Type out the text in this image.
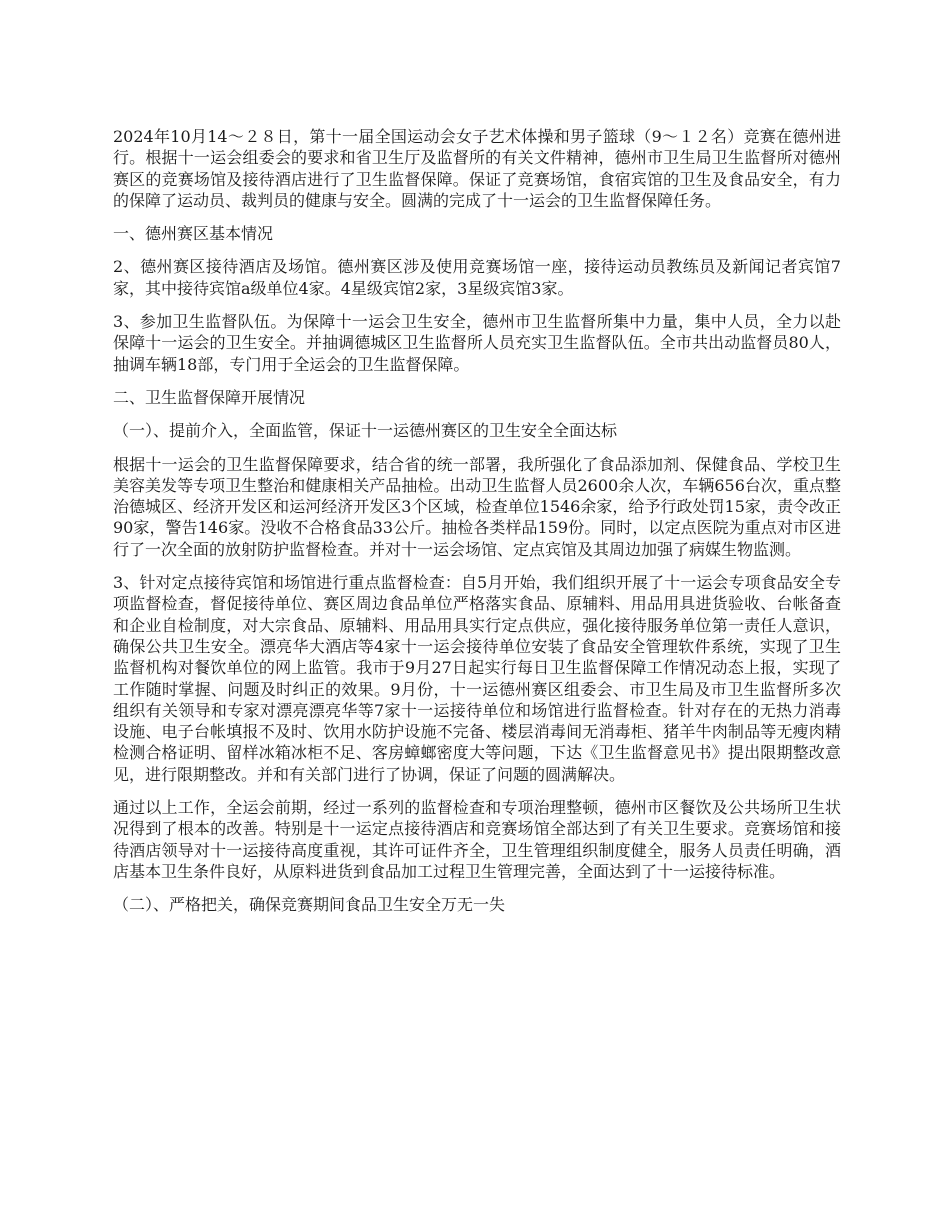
2024年10月14～２８日，第十一届全国运动会女子艺术体操和男子篮球（9～１２名）竞赛在德州进行。根据十一运会组委会的要求和省卫生厅及监督所的有关文件精神，德州市卫生局卫生监督所对德州赛区的竞赛场馆及接待酒店进行了卫生监督保障。保证了竞赛场馆，食宿宾馆的卫生及食品安全，有力的保障了运动员、裁判员的健康与安全。圆满的完成了十一运会的卫生监督保障任务。

一、德州赛区基本情况

2、德州赛区接待酒店及场馆。德州赛区涉及使用竞赛场馆一座，接待运动员教练员及新闻记者宾馆7家，其中接待宾馆a级单位4家。4星级宾馆2家，3星级宾馆3家。

3、参加卫生监督队伍。为保障十一运会卫生安全，德州市卫生监督所集中力量，集中人员，全力以赴保障十一运会的卫生安全。并抽调德城区卫生监督所人员充实卫生监督队伍。全市共出动监督员80人，抽调车辆18部，专门用于全运会的卫生监督保障。

二、卫生监督保障开展情况

（一）、提前介入，全面监管，保证十一运德州赛区的卫生安全全面达标

根据十一运会的卫生监督保障要求，结合省的统一部署，我所强化了食品添加剂、保健食品、学校卫生美容美发等专项卫生整治和健康相关产品抽检。出动卫生监督人员2600余人次，车辆656台次，重点整治德城区、经济开发区和运河经济开发区3个区域，检查单位1546余家，给予行政处罚15家，责令改正90家，警告146家。没收不合格食品33公斤。抽检各类样品159份。同时，以定点医院为重点对市区进行了一次全面的放射防护监督检查。并对十一运会场馆、定点宾馆及其周边加强了病媒生物监测。

3、针对定点接待宾馆和场馆进行重点监督检查：自5月开始，我们组织开展了十一运会专项食品安全专项监督检查，督促接待单位、赛区周边食品单位严格落实食品、原辅料、用品用具进货验收、台帐备查和企业自检制度，对大宗食品、原辅料、用品用具实行定点供应，强化接待服务单位第一责任人意识，确保公共卫生安全。漂亮华大酒店等4家十一运会接待单位安装了食品安全管理软件系统，实现了卫生监督机构对餐饮单位的网上监管。我市于9月27日起实行每日卫生监督保障工作情况动态上报，实现了工作随时掌握、问题及时纠正的效果。9月份，十一运德州赛区组委会、市卫生局及市卫生监督所多次组织有关领导和专家对漂亮漂亮华等7家十一运接待单位和场馆进行监督检查。针对存在的无热力消毒设施、电子台帐填报不及时、饮用水防护设施不完备、楼层消毒间无消毒柜、猪羊牛肉制品等无瘦肉精检测合格证明、留样冰箱冰柜不足、客房蟑螂密度大等问题，下达《卫生监督意见书》提出限期整改意见，进行限期整改。并和有关部门进行了协调，保证了问题的圆满解决。

通过以上工作，全运会前期，经过一系列的监督检查和专项治理整顿，德州市区餐饮及公共场所卫生状况得到了根本的改善。特别是十一运定点接待酒店和竞赛场馆全部达到了有关卫生要求。竞赛场馆和接待酒店领导对十一运接待高度重视，其许可证件齐全，卫生管理组织制度健全，服务人员责任明确，酒店基本卫生条件良好，从原料进货到食品加工过程卫生管理完善，全面达到了十一运接待标准。

（二）、严格把关，确保竞赛期间食品卫生安全万无一失
